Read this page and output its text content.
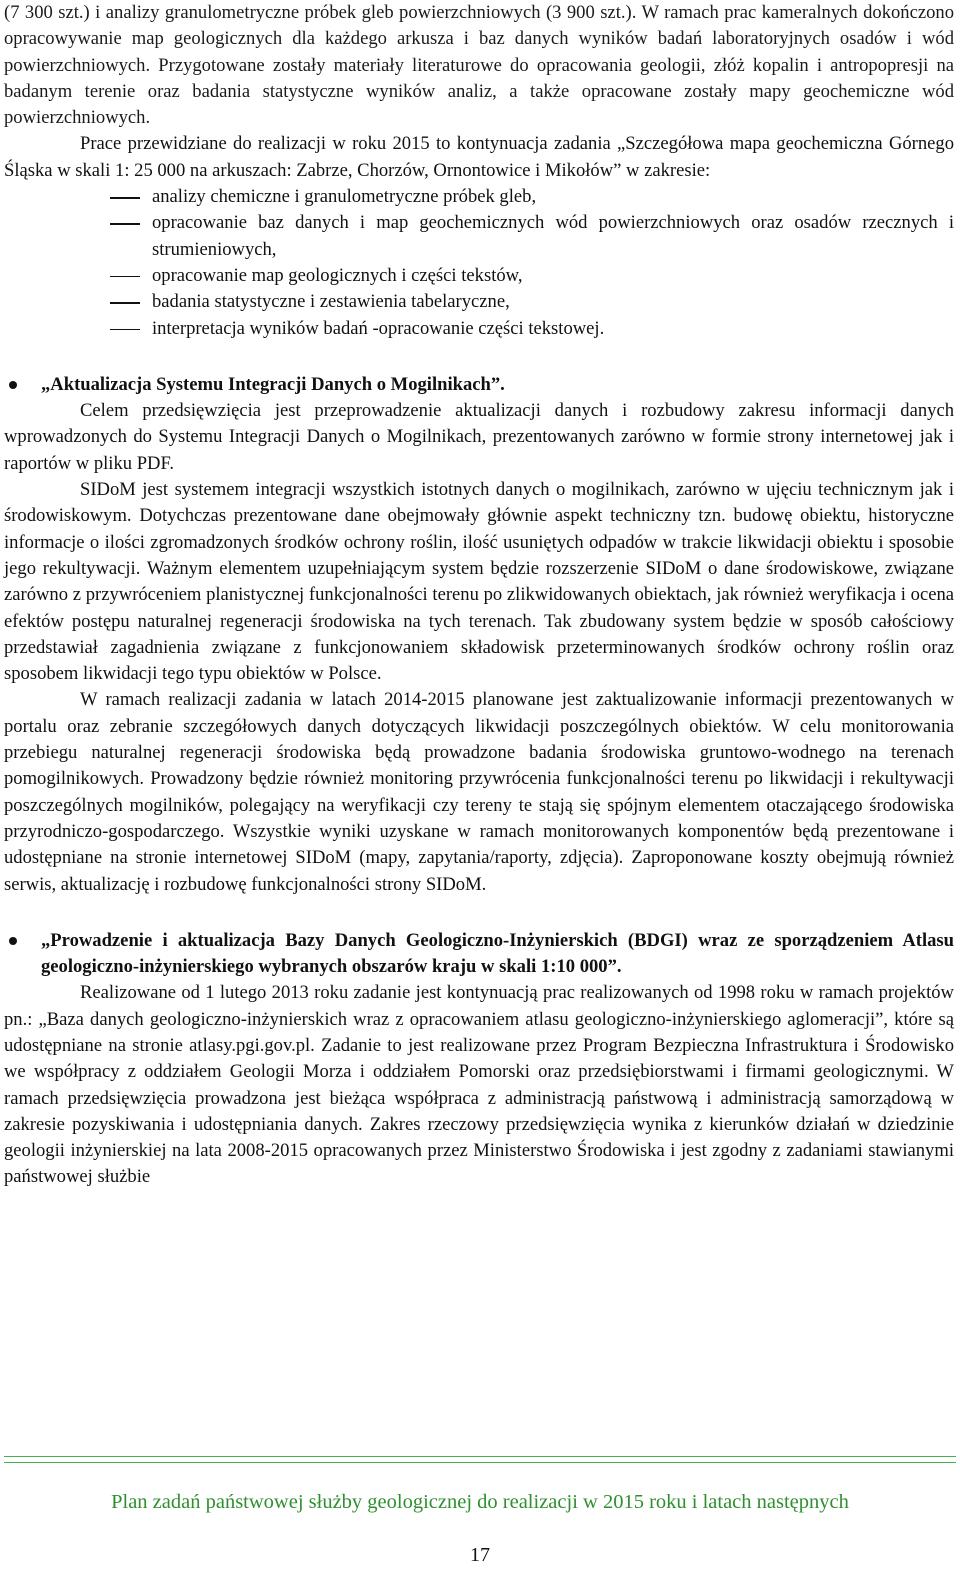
(7 300 szt.) i analizy granulometryczne próbek gleb powierzchniowych (3 900 szt.). W ramach prac kameralnych dokończono opracowywanie map geologicznych dla każdego arkusza i baz danych wyników badań laboratoryjnych osadów i wód powierzchniowych. Przygotowane zostały materiały literaturowe do opracowania geologii, złóż kopalin i antropopresji na badanym terenie oraz badania statystyczne wyników analiz, a także opracowane zostały mapy geochemiczne wód powierzchniowych.

Prace przewidziane do realizacji w roku 2015 to kontynuacja zadania „Szczegółowa mapa geochemiczna Górnego Śląska w skali 1: 25 000 na arkuszach: Zabrze, Chorzów, Ornontowice i Mikołów” w zakresie:

analizy chemiczne i granulometryczne próbek gleb,
opracowanie baz danych i map geochemicznych wód powierzchniowych oraz osadów rzecznych i strumieniowych,
opracowanie map geologicznych i części tekstów,
badania statystyczne i zestawienia tabelaryczne,
interpretacja wyników badań -opracowanie części tekstowej.
„Aktualizacja Systemu Integracji Danych o Mogilnikach”.

Celem przedsięwzięcia jest przeprowadzenie aktualizacji danych i rozbudowy zakresu informacji danych wprowadzonych do Systemu Integracji Danych o Mogilnikach, prezentowanych zarówno w formie strony internetowej jak i raportów w pliku PDF.

SIDoM jest systemem integracji wszystkich istotnych danych o mogilnikach, zarówno w ujęciu technicznym jak i środowiskowym. Dotychczas prezentowane dane obejmowały głównie aspekt techniczny tzn. budowę obiektu, historyczne informacje o ilości zgromadzonych środków ochrony roślin, ilość usuniętych odpadów w trakcie likwidacji obiektu i sposobie jego rekultywacji. Ważnym elementem uzupełniającym system będzie rozszerzenie SIDoM o dane środowiskowe, związane zarówno z przywróceniem planistycznej funkcjonalności terenu po zlikwidowanych obiektach, jak również weryfikacja i ocena efektów postępu naturalnej regeneracji środowiska na tych terenach. Tak zbudowany system będzie w sposób całościowy przedstawiał zagadnienia związane z funkcjonowaniem składowisk przeterminowanych środków ochrony roślin oraz sposobem likwidacji tego typu obiektów w Polsce.

W ramach realizacji zadania w latach 2014-2015 planowane jest zaktualizowanie informacji prezentowanych w portalu oraz zebranie szczegółowych danych dotyczących likwidacji poszczególnych obiektów. W celu monitorowania przebiegu naturalnej regeneracji środowiska będą prowadzone badania środowiska gruntowo-wodnego na terenach pomogilnikowych. Prowadzony będzie również monitoring przywrócenia funkcjonalności terenu po likwidacji i rekultywacji poszczególnych mogilników, polegający na weryfikacji czy tereny te stają się spójnym elementem otaczającego środowiska przyrodniczo-gospodarczego. Wszystkie wyniki uzyskane w ramach monitorowanych komponentów będą prezentowane i udostępniane na stronie internetowej SIDoM (mapy, zapytania/raporty, zdjęcia). Zaproponowane koszty obejmują również serwis, aktualizację i rozbudowę funkcjonalności strony SIDoM.

„Prowadzenie i aktualizacja Bazy Danych Geologiczno-Inżynierskich (BDGI) wraz ze sporządzeniem Atlasu geologiczno-inżynierskiego wybranych obszarów kraju w skali 1:10 000”.

Realizowane od 1 lutego 2013 roku zadanie jest kontynuacją prac realizowanych od 1998 roku w ramach projektów pn.: „Baza danych geologiczno-inżynierskich wraz z opracowaniem atlasu geologiczno-inżynierskiego aglomeracji”, które są udostępniane na stronie atlasy.pgi.gov.pl. Zadanie to jest realizowane przez Program Bezpieczna Infrastruktura i Środowisko we współpracy z oddziałem Geologii Morza i oddziałem Pomorski oraz przedsiębiorstwami i firmami geologicznymi. W ramach przedsięwzięcia prowadzona jest bieżąca współpraca z administracją państwową i administracją samorządową w zakresie pozyskiwania i udostępniania danych. Zakres rzeczowy przedsięwzięcia wynika z kierunków działań w dziedzinie geologii inżynierskiej na lata 2008-2015 opracowanych przez Ministerstwo Środowiska i jest zgodny z zadaniami stawianymi państwowej służbie

Plan zadań państwowej służby geologicznej do realizacji w 2015 roku i latach następnych
17
